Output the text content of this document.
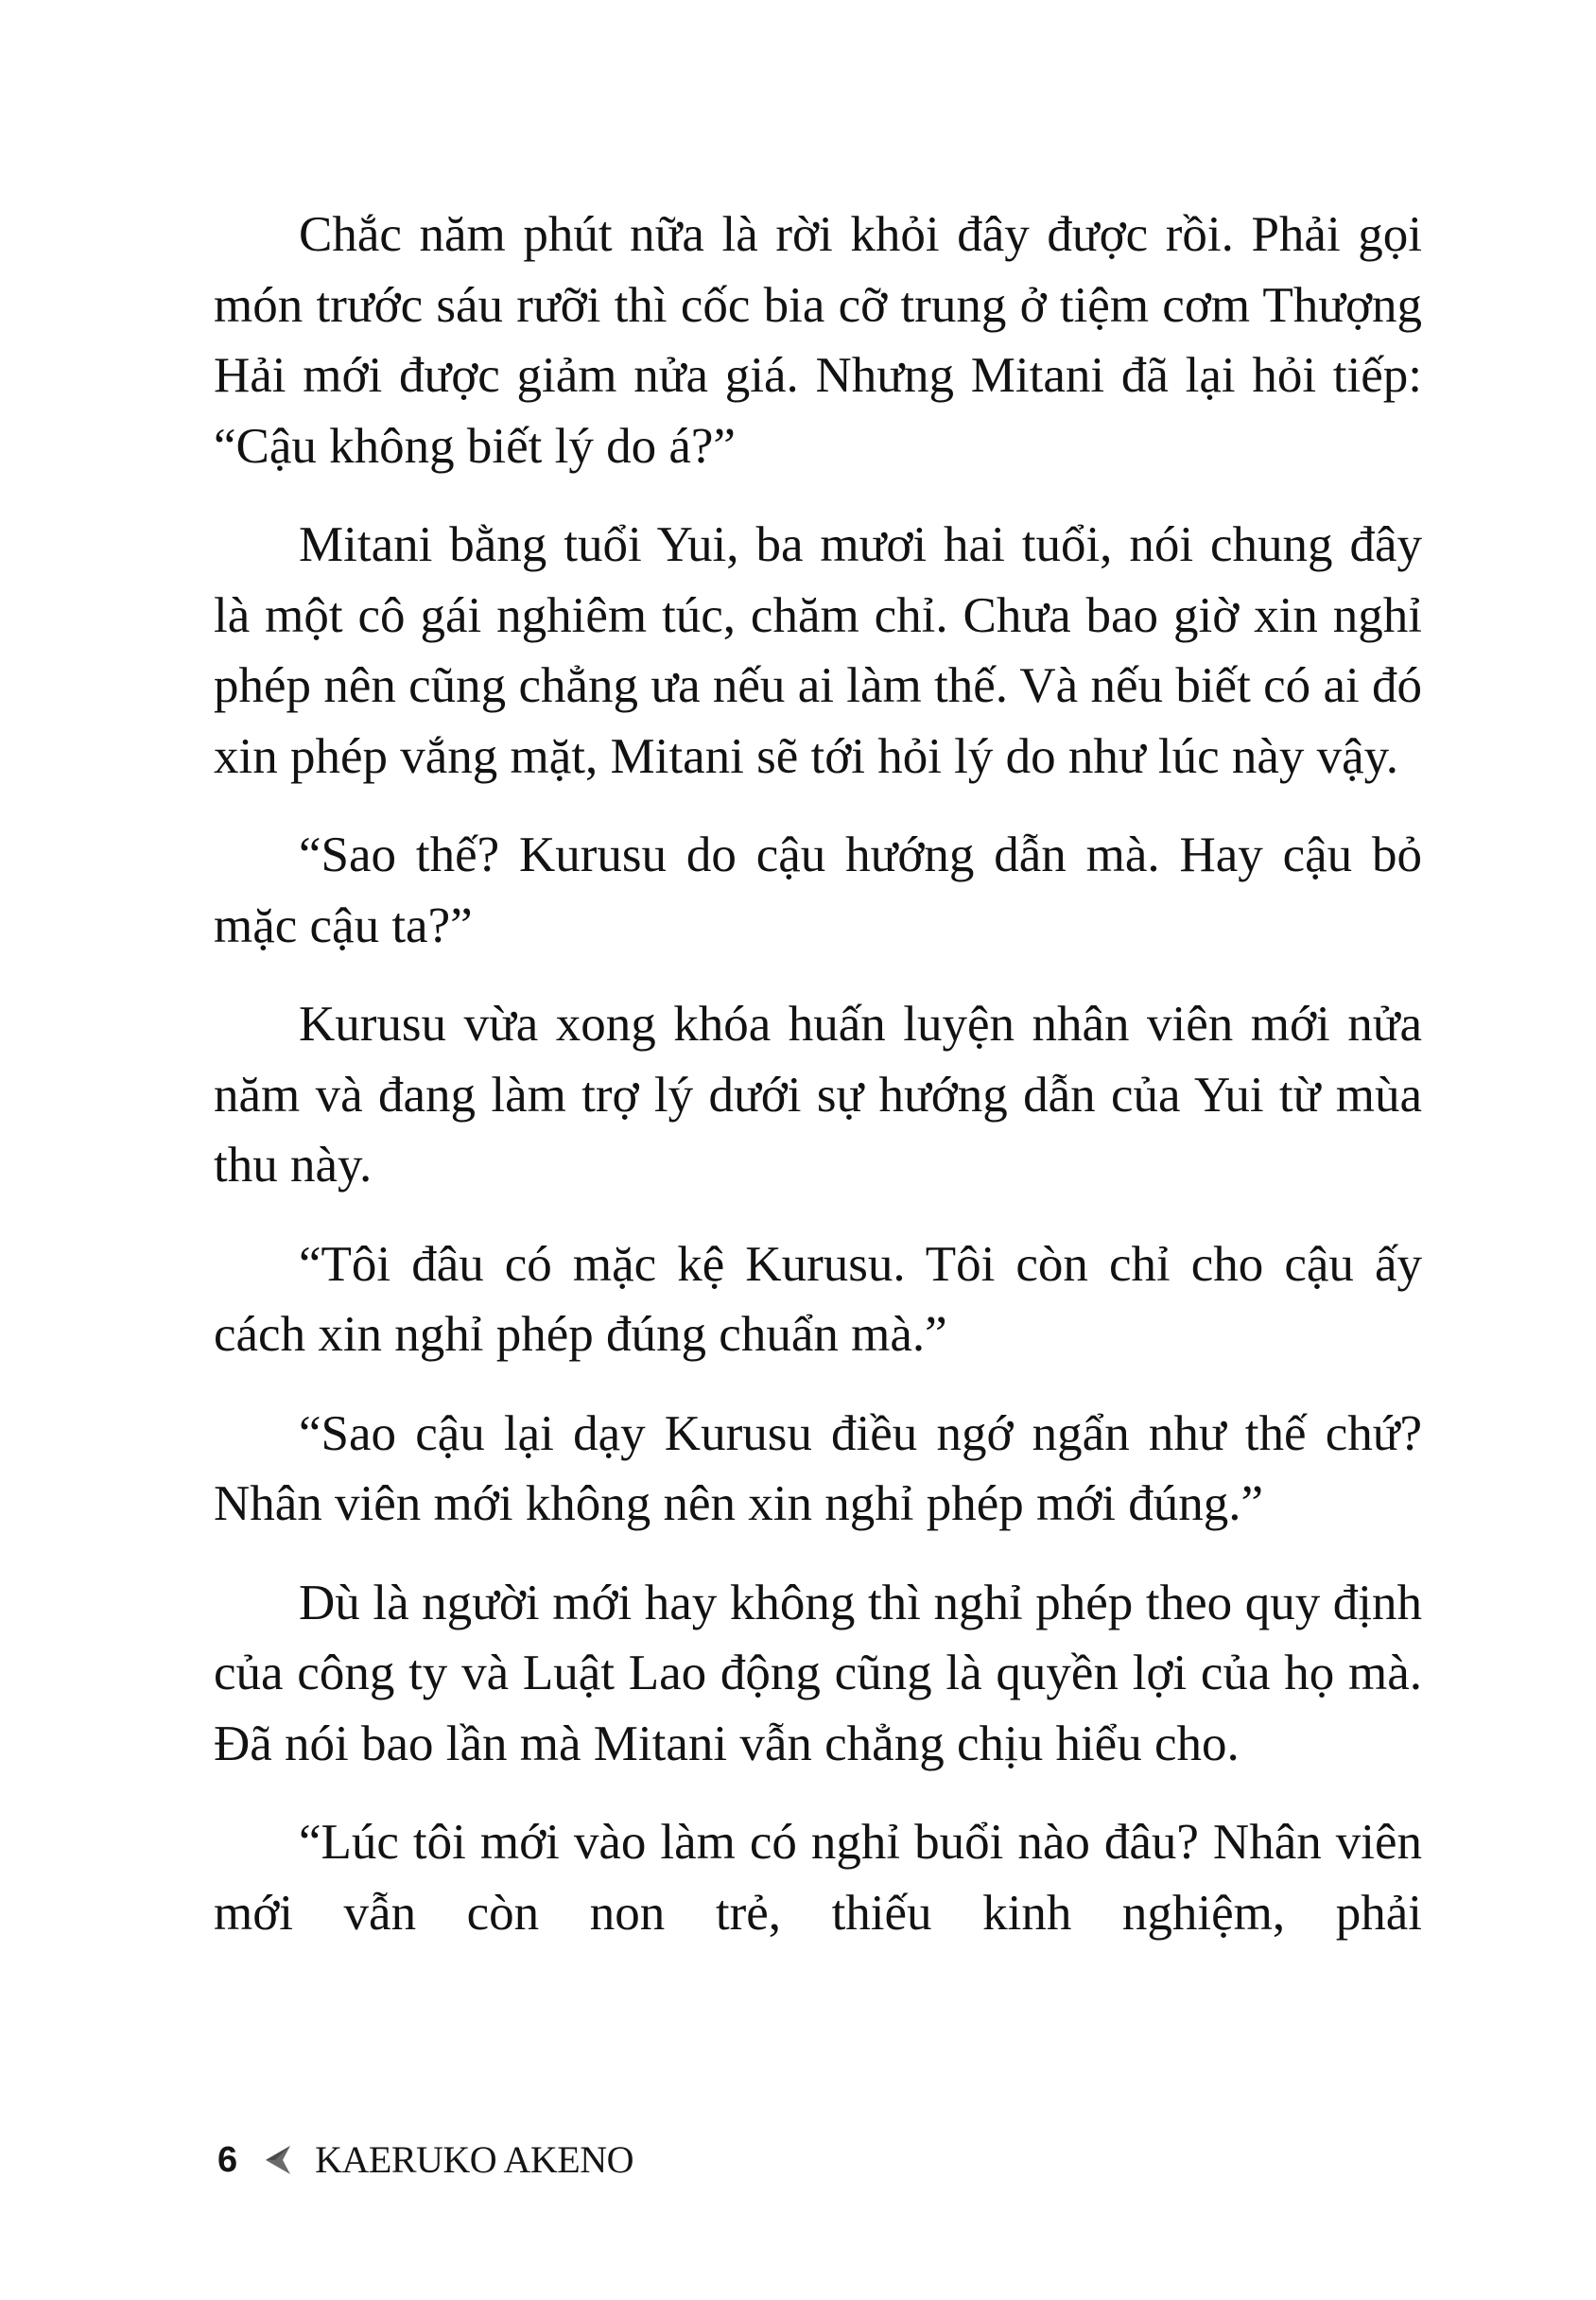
Chắc năm phút nữa là rời khỏi đây được rồi. Phải gọi món trước sáu rưỡi thì cốc bia cỡ trung ở tiệm cơm Thượng Hải mới được giảm nửa giá. Nhưng Mitani đã lại hỏi tiếp: “Cậu không biết lý do á?”

Mitani bằng tuổi Yui, ba mươi hai tuổi, nói chung đây là một cô gái nghiêm túc, chăm chỉ. Chưa bao giờ xin nghỉ phép nên cũng chẳng ưa nếu ai làm thế. Và nếu biết có ai đó xin phép vắng mặt, Mitani sẽ tới hỏi lý do như lúc này vậy.

“Sao thế? Kurusu do cậu hướng dẫn mà. Hay cậu bỏ mặc cậu ta?”

Kurusu vừa xong khóa huấn luyện nhân viên mới nửa năm và đang làm trợ lý dưới sự hướng dẫn của Yui từ mùa thu này.

“Tôi đâu có mặc kệ Kurusu. Tôi còn chỉ cho cậu ấy cách xin nghỉ phép đúng chuẩn mà.”

“Sao cậu lại dạy Kurusu điều ngớ ngẩn như thế chứ? Nhân viên mới không nên xin nghỉ phép mới đúng.”

Dù là người mới hay không thì nghỉ phép theo quy định của công ty và Luật Lao động cũng là quyền lợi của họ mà. Đã nói bao lần mà Mitani vẫn chẳng chịu hiểu cho.

“Lúc tôi mới vào làm có nghỉ buổi nào đâu? Nhân viên mới vẫn còn non trẻ, thiếu kinh nghiệm, phải

6 KAERUKO AKENO
